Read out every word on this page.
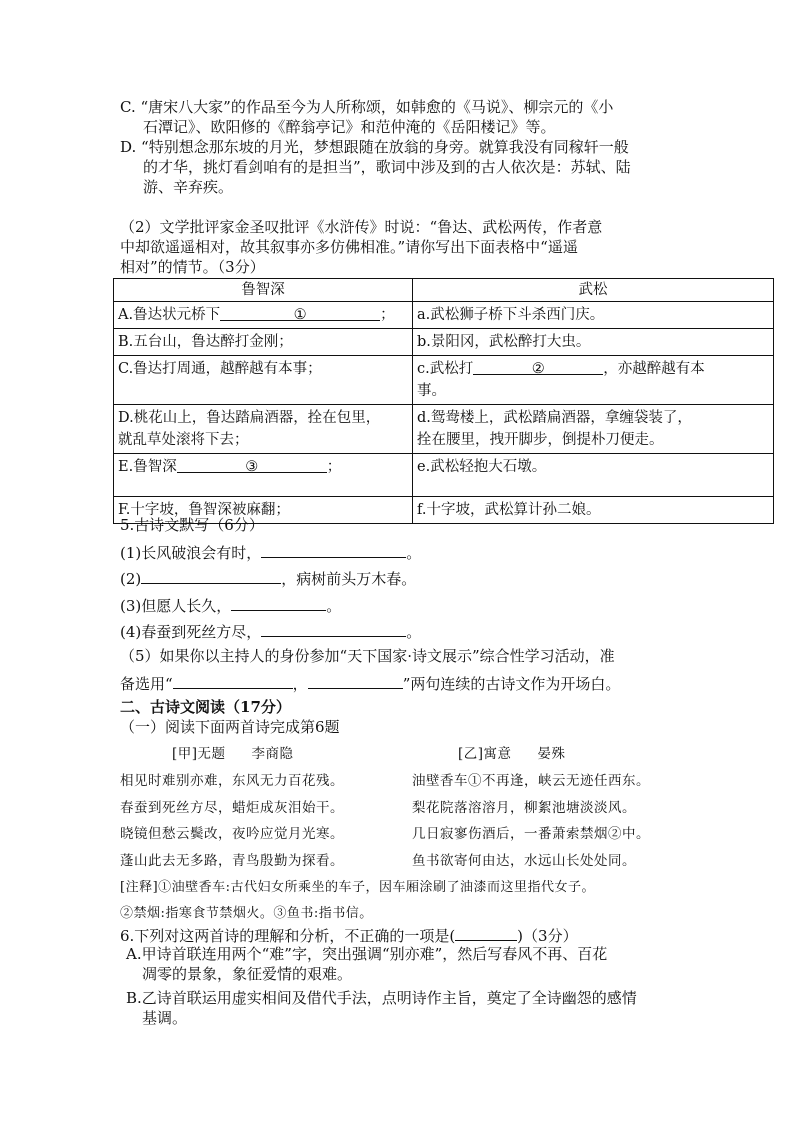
C. “唐宋八大家”的作品至今为人所称颂，如韩愈的《马说》、柳宗元的《小
石潭记》、欧阳修的《醉翁亭记》和范仲淹的《岳阳楼记》等。
D. “特别想念那东坡的月光，梦想跟随在放翁的身旁。就算我没有同稼轩一般
的才华，挑灯看剑咱有的是担当”，歌词中涉及到的古人依次是：苏轼、陆
游、辛弃疾。
（2）文学批评家金圣叹批评《水浒传》时说：“鲁达、武松两传，作者意
中却欲遥遥相对，故其叙事亦多仿佛相准。”请你写出下面表格中“遥遥
相对”的情节。（3分）
鲁智深	武松
A.鲁达状元桥下 ① ；	a.武松狮子桥下斗杀西门庆。
B.五台山，鲁达醉打金刚；	b.景阳冈，武松醉打大虫。
C.鲁达打周通，越醉越有本事；	c.武松打 ② ，亦越醉越有本
事。
D.桃花山上，鲁达踏扁酒器，拴在包里，
就乱草处滚将下去；	d.鸳鸯楼上，武松踏扁酒器，拿缠袋装了，
拴在腰里，拽开脚步，倒提朴刀便走。
E.鲁智深 ③ ；	e.武松轻抱大石墩。
F.十字坡，鲁智深被麻翻；	f.十字坡，武松算计孙二娘。
5.古诗文默写（6分）
(1)长风破浪会有时，	。
(2)	，病树前头万木春。
(3)但愿人长久，	。
(4)春蚕到死丝方尽，	。
（5）如果你以主持人的身份参加“天下国家·诗文展示”综合性学习活动，准
备选用“	，	”两句连续的古诗文作为开场白。
二、古诗文阅读（17分）
（一）阅读下面两首诗完成第6题
[甲]无题 李商隐	[乙]寓意 晏殊
相见时难别亦难，东风无力百花残。	油壁香车①不再逢，峡云无迹任西东。
春蚕到死丝方尽，蜡炬成灰泪始干。	梨花院落溶溶月，柳絮池塘淡淡风。
晓镜但愁云鬓改，夜吟应觉月光寒。	几日寂寥伤酒后，一番萧索禁烟②中。
蓬山此去无多路，青鸟殷勤为探看。	鱼书欲寄何由达，水远山长处处同。
[注释]①油壁香车:古代妇女所乘坐的车子，因车厢涂刷了油漆而这里指代女子。
②禁烟:指寒食节禁烟火。③鱼书:指书信。
6.下列对这两首诗的理解和分析，不正确的一项是(	)（3分）
A.甲诗首联连用两个“难”字，突出强调“别亦难”，然后写春风不再、百花
凋零的景象，象征爱情的艰难。
B.乙诗首联运用虚实相间及借代手法，点明诗作主旨，奠定了全诗幽怨的感情
基调。
